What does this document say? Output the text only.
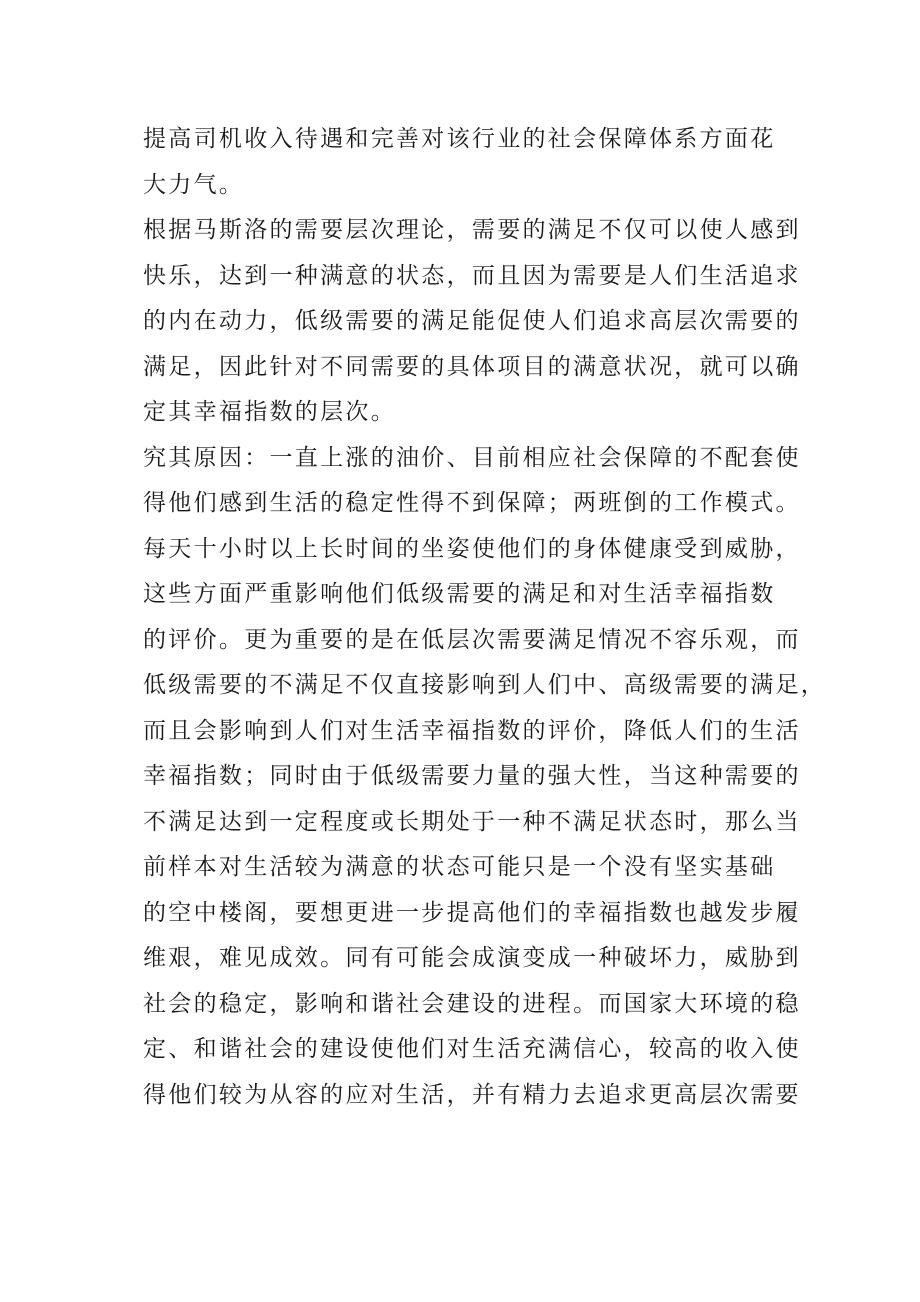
提高司机收入待遇和完善对该行业的社会保障体系方面花
大力气。
根据马斯洛的需要层次理论，需要的满足不仅可以使人感到
快乐，达到一种满意的状态，而且因为需要是人们生活追求
的内在动力，低级需要的满足能促使人们追求高层次需要的
满足，因此针对不同需要的具体项目的满意状况，就可以确
定其幸福指数的层次。
究其原因：一直上涨的油价、目前相应社会保障的不配套使
得他们感到生活的稳定性得不到保障；两班倒的工作模式。
每天十小时以上长时间的坐姿使他们的身体健康受到威胁，
这些方面严重影响他们低级需要的满足和对生活幸福指数
的评价。更为重要的是在低层次需要满足情况不容乐观，而
低级需要的不满足不仅直接影响到人们中、高级需要的满足，
而且会影响到人们对生活幸福指数的评价，降低人们的生活
幸福指数；同时由于低级需要力量的强大性，当这种需要的
不满足达到一定程度或长期处于一种不满足状态时，那么当
前样本对生活较为满意的状态可能只是一个没有坚实基础
的空中楼阁，要想更进一步提高他们的幸福指数也越发步履
维艰，难见成效。同有可能会成演变成一种破坏力，威胁到
社会的稳定，影响和谐社会建设的进程。而国家大环境的稳
定、和谐社会的建设使他们对生活充满信心，较高的收入使
得他们较为从容的应对生活，并有精力去追求更高层次需要
